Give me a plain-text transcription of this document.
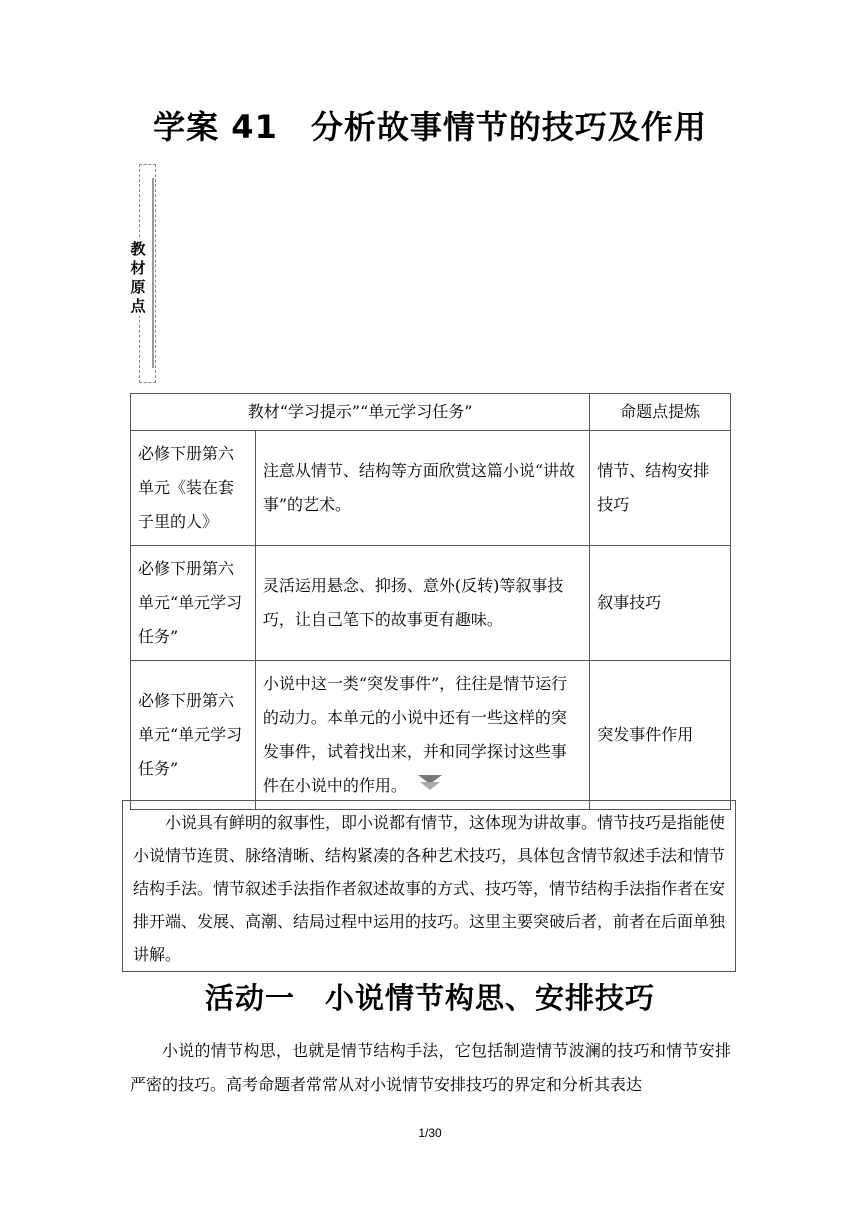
学案 41　分析故事情节的技巧及作用
教
材
原
点
教材“学习提示”“单元学习任务”		命题点提炼
必修下册第六单元《装在套子里的人》	注意从情节、结构等方面欣赏这篇小说“讲故事”的艺术。	情节、结构安排技巧
必修下册第六单元“单元学习任务”	灵活运用悬念、抑扬、意外(反转)等叙事技巧，让自己笔下的故事更有趣味。	叙事技巧
必修下册第六单元“单元学习任务”	小说中这一类“突发事件”，往往是情节运行的动力。本单元的小说中还有一些这样的突发事件，试着找出来，并和同学探讨这些事件在小说中的作用。	突发事件作用

小说具有鲜明的叙事性，即小说都有情节，这体现为讲故事。情节技巧是指能使小说情节连贯、脉络清晰、结构紧凑的各种艺术技巧，具体包含情节叙述手法和情节结构手法。情节叙述手法指作者叙述故事的方式、技巧等，情节结构手法指作者在安排开端、发展、高潮、结局过程中运用的技巧。这里主要突破后者，前者在后面单独讲解。

活动一　小说情节构思、安排技巧

小说的情节构思，也就是情节结构手法，它包括制造情节波澜的技巧和情节安排严密的技巧。高考命题者常常从对小说情节安排技巧的界定和分析其表达

1/30
